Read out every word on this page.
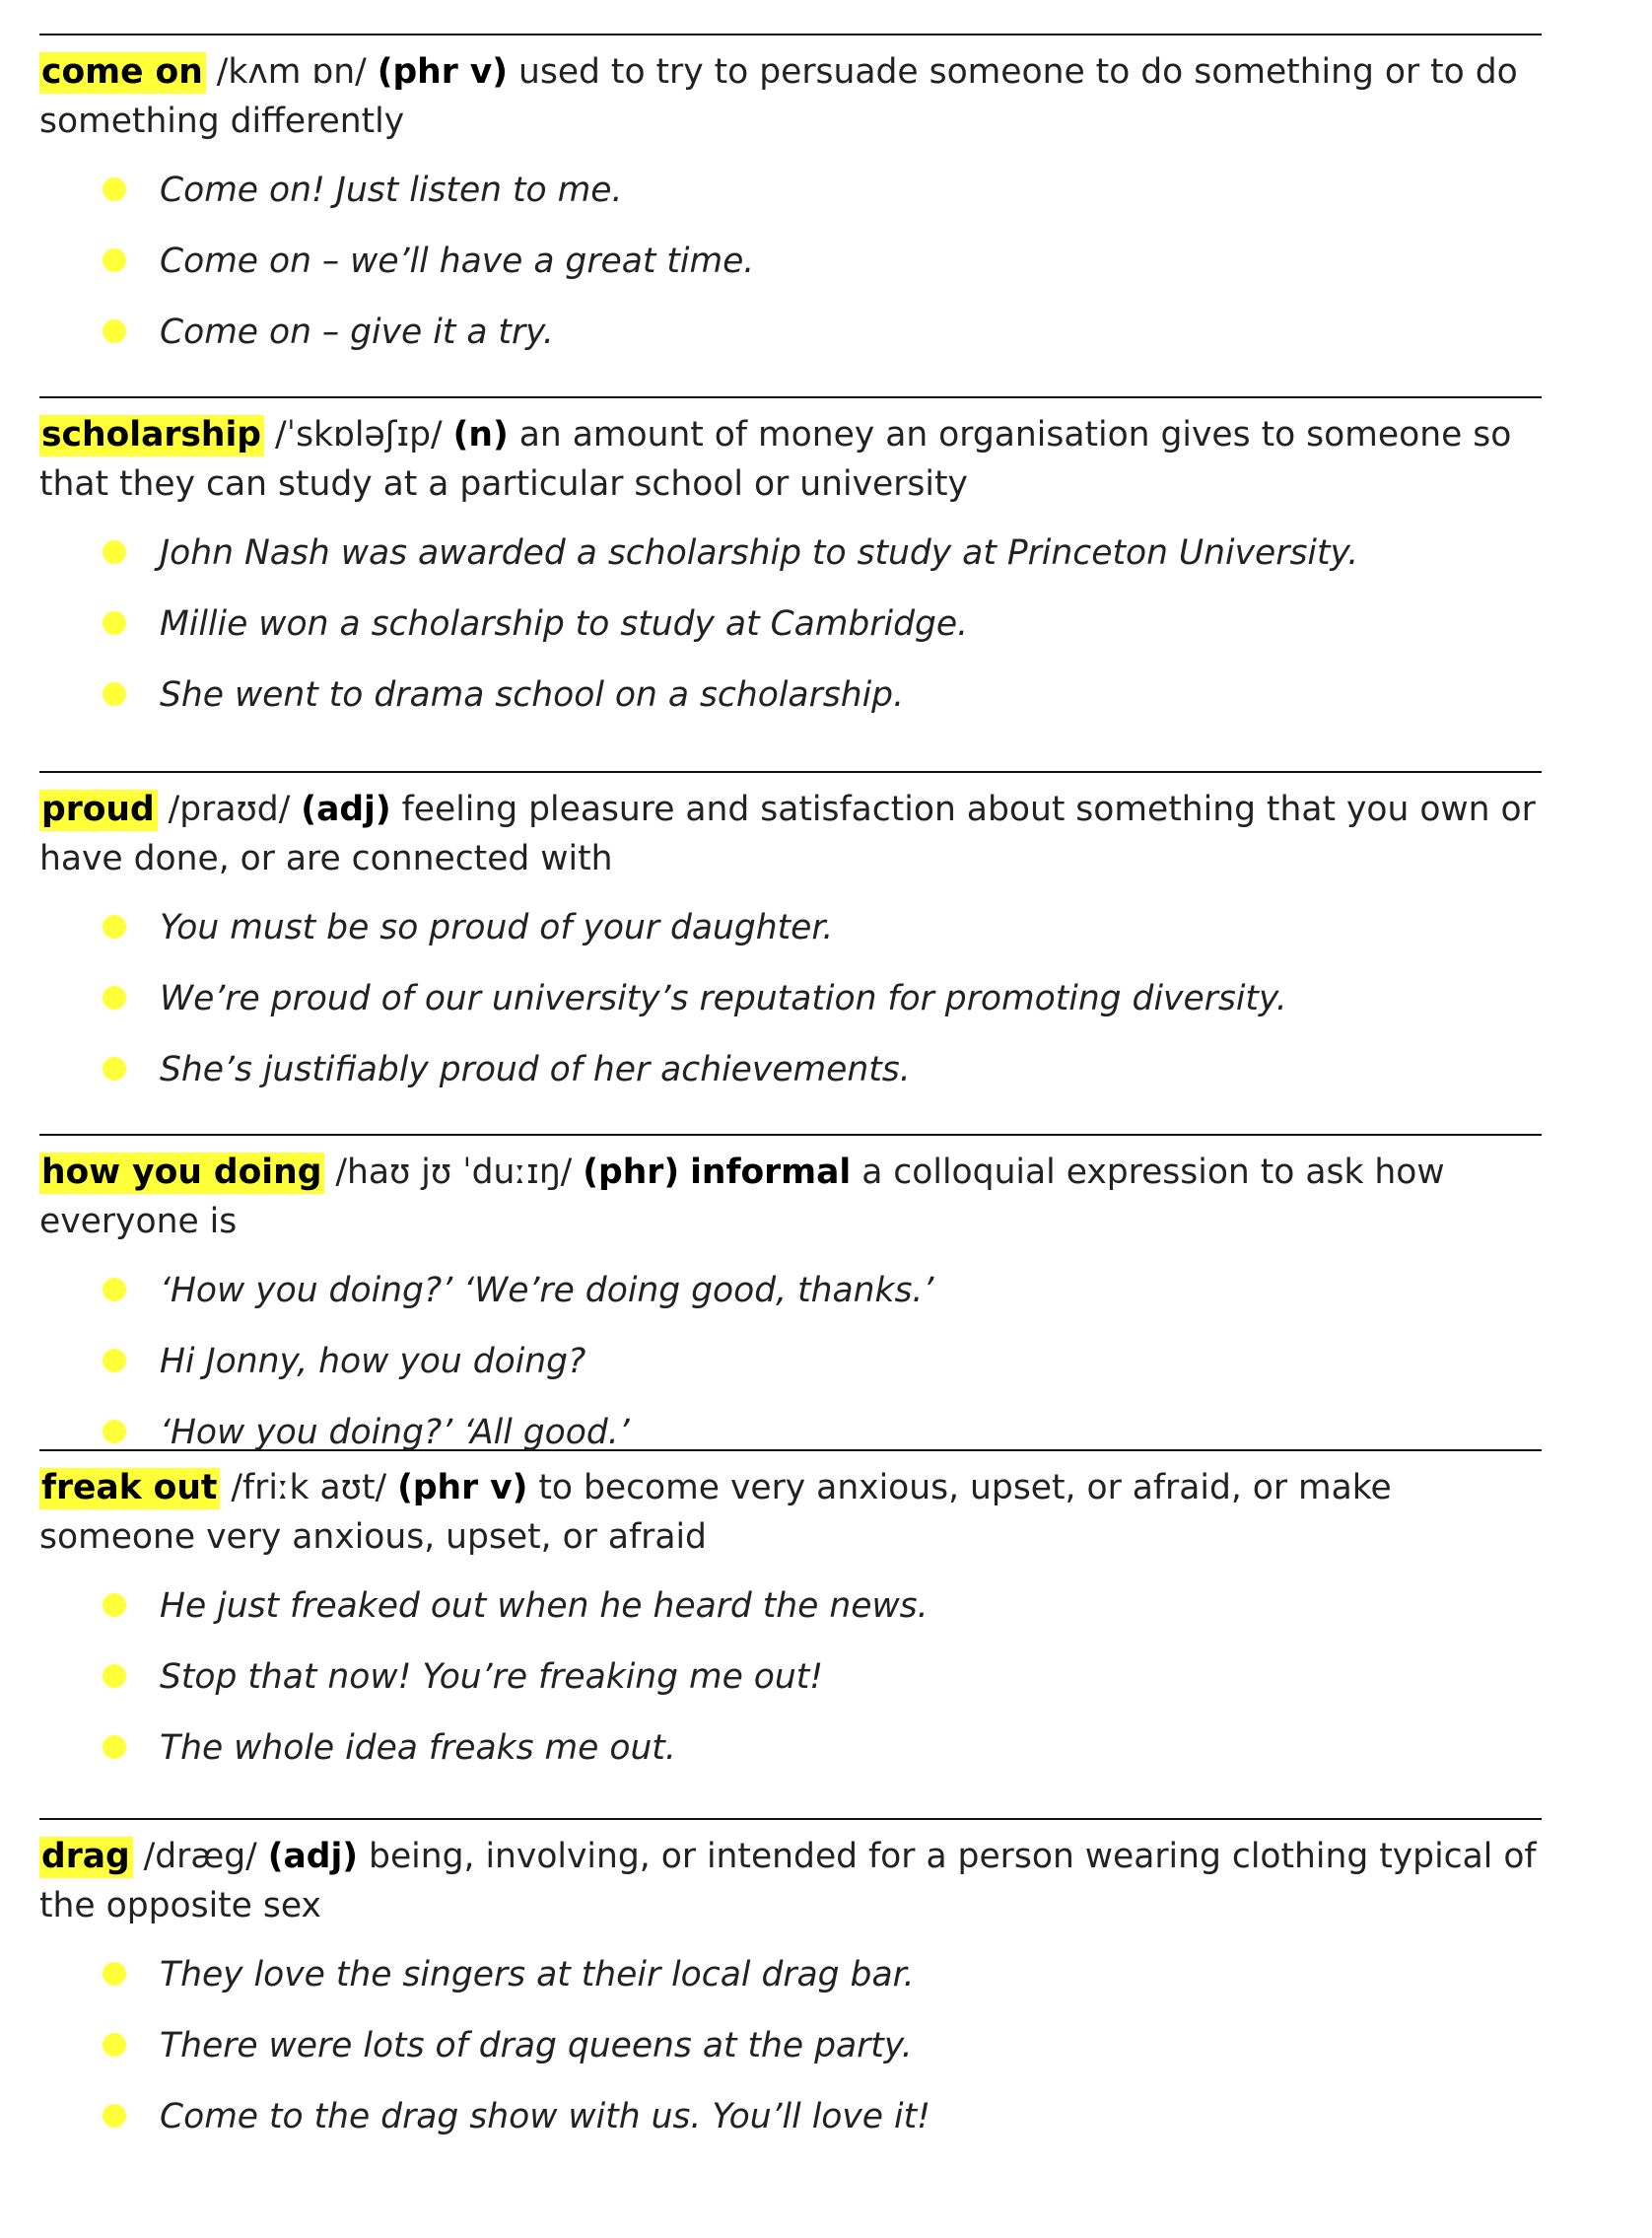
come on /kʌm ɒn/ (phr v) used to try to persuade someone to do something or to do something differently

Come on! Just listen to me.
Come on – we’ll have a great time.
Come on – give it a try.

scholarship /ˈskɒləʃɪp/ (n) an amount of money an organisation gives to someone so that they can study at a particular school or university

John Nash was awarded a scholarship to study at Princeton University.
Millie won a scholarship to study at Cambridge.
She went to drama school on a scholarship.

proud /praʊd/ (adj) feeling pleasure and satisfaction about something that you own or have done, or are connected with

You must be so proud of your daughter.
We’re proud of our university’s reputation for promoting diversity.
She’s justifiably proud of her achievements.

how you doing /haʊ jʊ ˈduːɪŋ/ (phr) informal a colloquial expression to ask how everyone is

‘How you doing?’ ‘We’re doing good, thanks.’
Hi Jonny, how you doing?
‘How you doing?’ ‘All good.’

freak out /friːk aʊt/ (phr v) to become very anxious, upset, or afraid, or make someone very anxious, upset, or afraid

He just freaked out when he heard the news.
Stop that now! You’re freaking me out!
The whole idea freaks me out.

drag /dræg/ (adj) being, involving, or intended for a person wearing clothing typical of the opposite sex

They love the singers at their local drag bar.
There were lots of drag queens at the party.
Come to the drag show with us. You’ll love it!
